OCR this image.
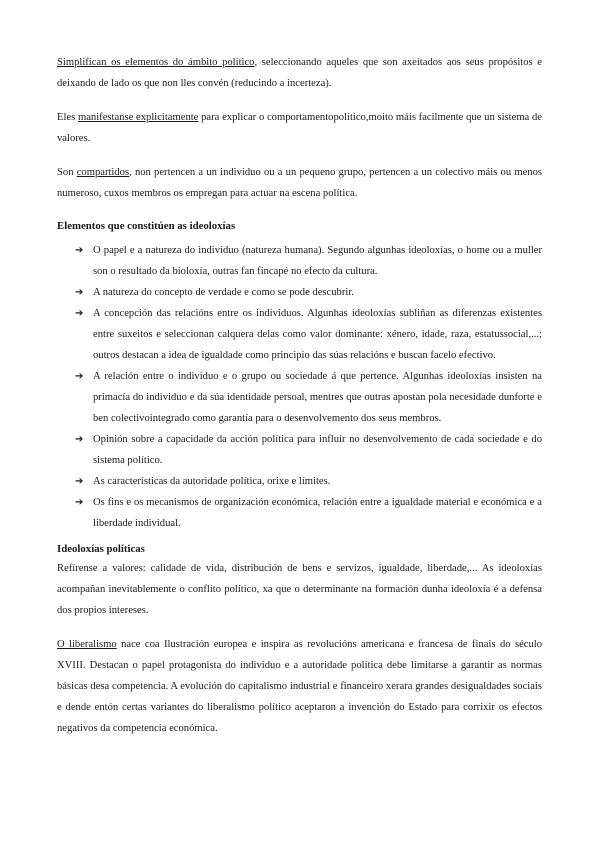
Simplifican os elementos do ámbito político, seleccionando aqueles que son axeitados aos seus propósitos e deixando de lado os que non lles convén (reducindo a incerteza).

Eles manifestanse explicitamente para explicar o comportamentopolítico,moito máis facilmente que un sistema de valores.

Son compartidos, non pertencen a un individuo ou a un pequeno grupo, pertencen a un colectivo máis ou menos numeroso, cuxos membros os empregan para actuar na escena política.

Elementos que constitúen as ideoloxías
➔ O papel e a natureza do individuo (natureza humana). Segundo algunhas ideoloxías, o home ou a muller son o resultado da bioloxía, outras fan fincapé no efecto da cultura.
➔ A natureza do concepto de verdade e como se pode descubrir.
➔ A concepción das relacións entre os individuos. Algunhas ideoloxías subliñan as diferenzas existentes entre suxeitos e seleccionan calquera delas como valor dominante: xénero, idade, raza, estatussocial,...; outros destacan a idea de igualdade como principio das súas relacións e buscan facelo efectivo.
➔ A relación entre o individuo e o grupo ou sociedade á que pertence. Algunhas ideoloxías insisten na primacía do individuo e da súa identidade persoal, mentres que outras apostan pola necesidade dunforte e ben colectivointegrado como garantía para o desenvolvemento dos seus membros.
➔ Opinión sobre a capacidade da acción política para influír no desenvolvemento de cada sociedade e do sistema político.
➔ As características da autoridade política, orixe e límites.
➔ Os fins e os mecanismos de organización económica, relación entre a igualdade material e económica e a liberdade individual.
Ideoloxías políticas

Refírense a valores: calidade de vida, distribución de bens e servizos, igualdade, liberdade,... As ideoloxías acompañan inevitablemente o conflito político, xa que o determinante na formación dunha ideoloxía é a defensa dos propios intereses.

O liberalismo nace coa Ilustración europea e inspira as revolucións americana e francesa de finais do século XVIII. Destacan o papel protagonista do individuo e a autoridade política debe limitarse a garantir as normas básicas desa competencia. A evolución do capitalismo industrial e financeiro xerara grandes desigualdades sociais e dende entón certas variantes do liberalismo político aceptaron a invención do Estado para corrixir os efectos negativos da competencia económica.
